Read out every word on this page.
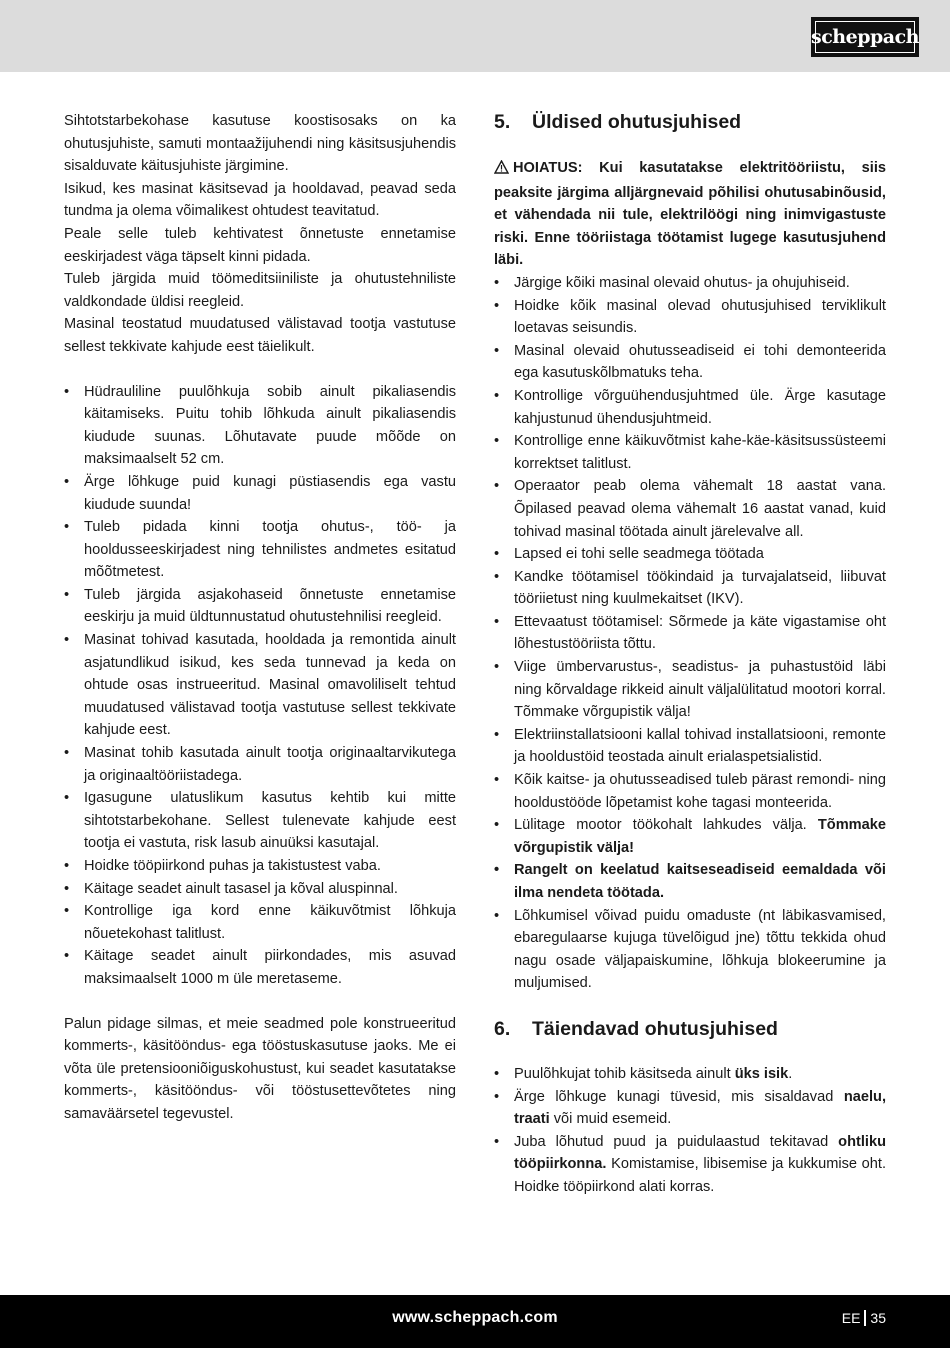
scheppach

Sihtotstarbekohase kasutuse koostisosaks on ka ohutusjuhiste, samuti montaažijuhendi ning käsitsusjuhendis sisalduvate käitusjuhiste järgimine.

Isikud, kes masinat käsitsevad ja hooldavad, peavad seda tundma ja olema võimalikest ohtudest teavitatud.

Peale selle tuleb kehtivatest õnnetuste ennetamise eeskirjadest väga täpselt kinni pidada.

Tuleb järgida muid töömeditsiiniliste ja ohutustehniliste valdkondade üldisi reegleid.

Masinal teostatud muudatused välistavad tootja vastutuse sellest tekkivate kahjude eest täielikult.

• Hüdrauliline puulõhkuja sobib ainult pikaliasendis käitamiseks. Puitu tohib lõhkuda ainult pikaliasendis kiudude suunas. Lõhutavate puude mõõde on maksimaalselt 52 cm.
• Ärge lõhkuge puid kunagi püstiasendis ega vastu kiudude suunda!
• Tuleb pidada kinni tootja ohutus-, töö- ja hooldusseeskirjadest ning tehnilistes andmetes esitatud mõõtmetest.
• Tuleb järgida asjakohaseid õnnetuste ennetamise eeskirju ja muid üldtunnustatud ohutustehnilisi reegleid.
• Masinat tohivad kasutada, hooldada ja remontida ainult asjatundlikud isikud, kes seda tunnevad ja keda on ohtude osas instrueeritud. Masinal omavoliliselt tehtud muudatused välistavad tootja vastutuse sellest tekkivate kahjude eest.
• Masinat tohib kasutada ainult tootja originaaltarvikutega ja originaaltööriistadega.
• Igasugune ulatuslikum kasutus kehtib kui mitte sihtotstarbekohane. Sellest tulenevate kahjude eest tootja ei vastuta, risk lasub ainuüksi kasutajal.
• Hoidke tööpiirkond puhas ja takistustest vaba.
• Käitage seadet ainult tasasel ja kõval aluspinnal.
• Kontrollige iga kord enne käikuvõtmist lõhkuja nõuetekohast talitlust.
• Käitage seadet ainult piirkondades, mis asuvad maksimaalselt 1000 m üle meretaseme.

Palun pidage silmas, et meie seadmed pole konstrueeritud kommerts-, käsitööndus- ega tööstuskasutuse jaoks. Me ei võta üle pretensiooniõiguskohustust, kui seadet kasutatakse kommerts-, käsitööndus- või tööstusettevõtetes ning samaväärsetel tegevustel.

5.	Üldised ohutusjuhised

HOIATUS: Kui kasutatakse elektritööriistu, siis peaksite järgima alljärgnevaid põhilisi ohutusabinõusid, et vähendada nii tule, elektrilöögi ning inimvigastuste riski. Enne tööriistaga töötamist lugege kasutusjuhend läbi.

• Järgige kõiki masinal olevaid ohutus- ja ohujuhiseid.
• Hoidke kõik masinal olevad ohutusjuhised terviklikult loetavas seisundis.
• Masinal olevaid ohutusseadiseid ei tohi demonteerida ega kasutuskõlbmatuks teha.
• Kontrollige võrguühendusjuhtmed üle. Ärge kasutage kahjustunud ühendusjuhtmeid.
• Kontrollige enne käikuvõtmist kahe-käe-käsitsussüsteemi korrektset talitlust.
• Operaator peab olema vähemalt 18 aastat vana. Õpilased peavad olema vähemalt 16 aastat vanad, kuid tohivad masinal töötada ainult järelevalve all.
• Lapsed ei tohi selle seadmega töötada
• Kandke töötamisel töökindaid ja turvajalatseid, liibuvat tööriietust ning kuulmekaitset (IKV).
• Ettevaatust töötamisel: Sõrmede ja käte vigastamise oht lõhestustööriista tõttu.
• Viige ümbervarustus-, seadistus- ja puhastustöid läbi ning kõrvaldage rikkeid ainult väljalülitatud mootori korral. Tõmmake võrgupistik välja!
• Elektriinstallatsiooni kallal tohivad installatsiooni, remonte ja hooldustöid teostada ainult erialaspetsialistid.
• Kõik kaitse- ja ohutusseadised tuleb pärast remondi- ning hooldustööde lõpetamist kohe tagasi monteerida.
• Lülitage mootor töökohalt lahkudes välja. Tõmmake võrgupistik välja!
• Rangelt on keelatud kaitseseadiseid eemaldada või ilma nendeta töötada.
• Lõhkumisel võivad puidu omaduste (nt läbikasvamised, ebaregulaarse kujuga tüvelõigud jne) tõttu tekkida ohud nagu osade väljapaiskumine, lõhkuja blokeerumine ja muljumised.
6.	Täiendavad ohutusjuhised
• Puulõhkujat tohib käsitseda ainult üks isik.
• Ärge lõhkuge kunagi tüvesid, mis sisaldavad naelu, traati või muid esemeid.
• Juba lõhutud puud ja puidulaastud tekitavad ohtliku tööpiirkonna. Komistamise, libisemise ja kukkumise oht. Hoidke tööpiirkond alati korras.
www.scheppach.com	EE 35
